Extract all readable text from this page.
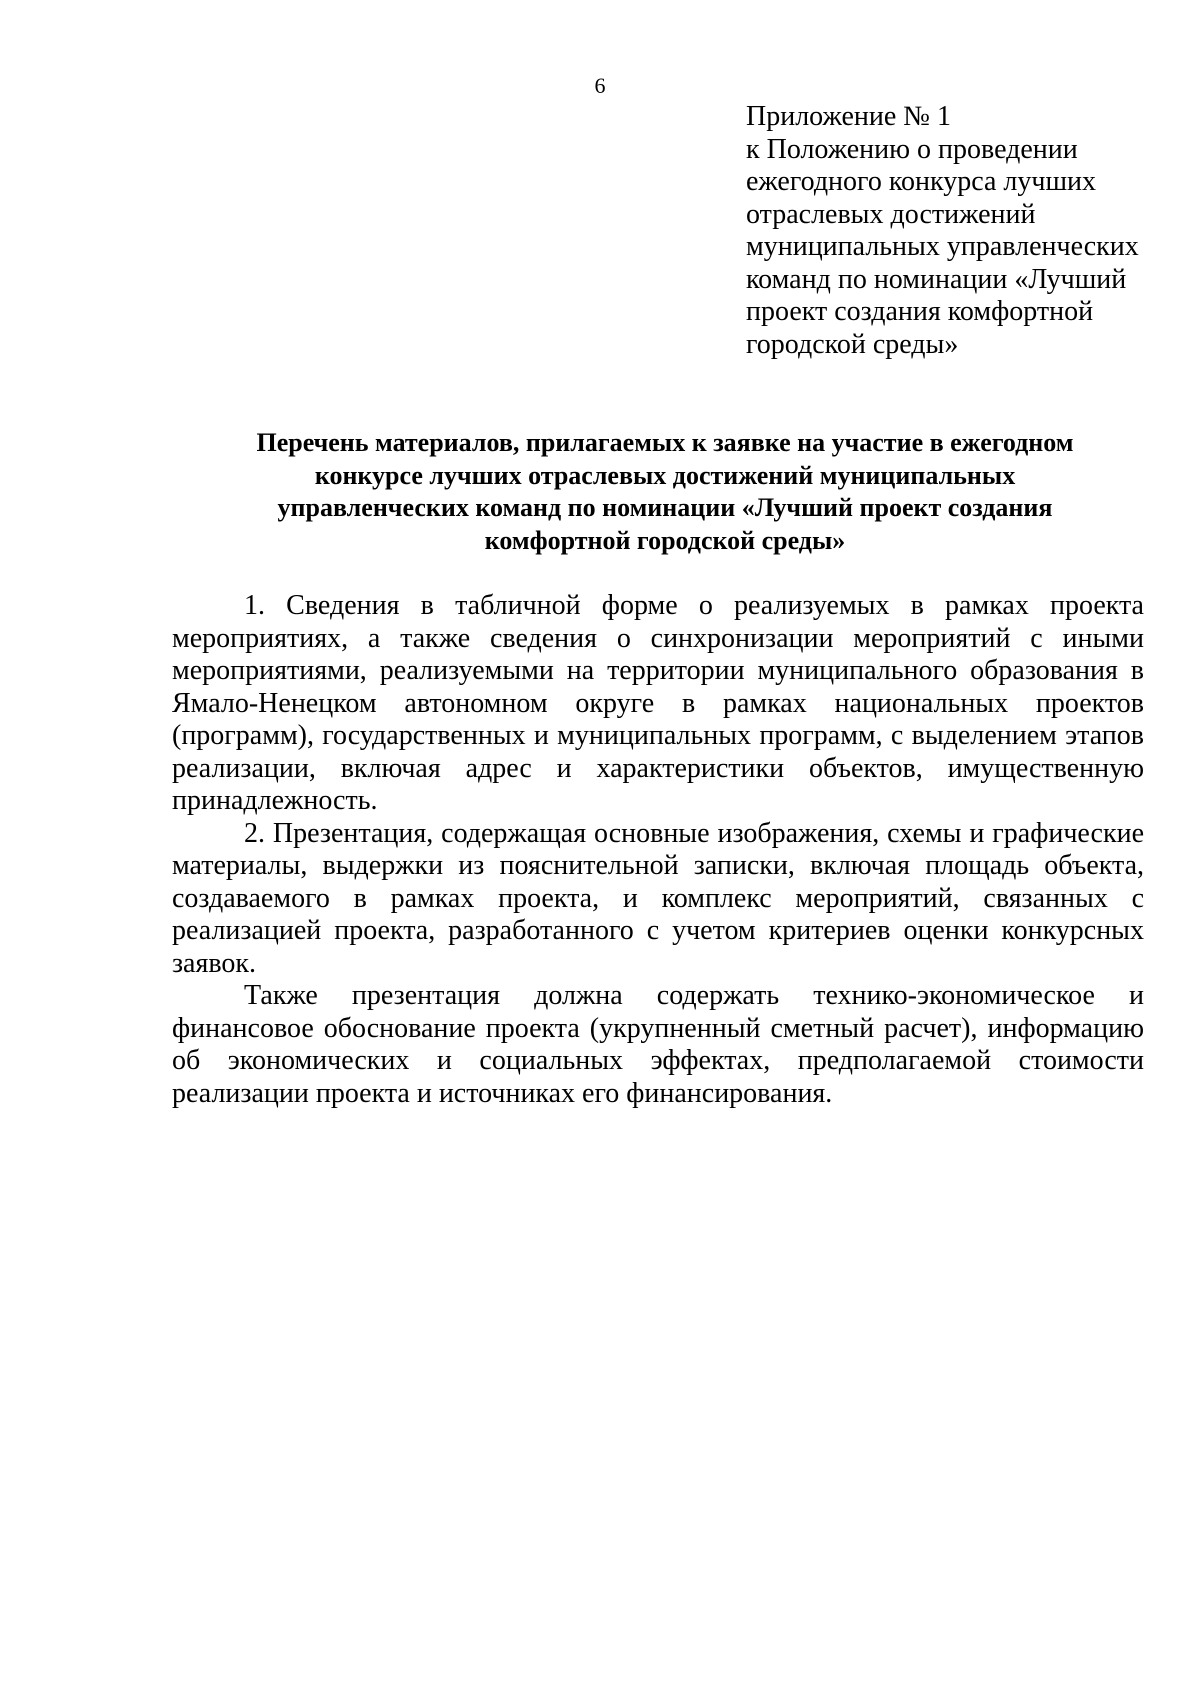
6
Приложение № 1
к Положению о проведении
ежегодного конкурса лучших
отраслевых достижений
муниципальных управленческих
команд по номинации «Лучший
проект создания комфортной
городской среды»
Перечень материалов, прилагаемых к заявке на участие в ежегодном
конкурсе лучших отраслевых достижений муниципальных
управленческих команд по номинации «Лучший проект создания
комфортной городской среды»

1. Сведения в табличной форме о реализуемых в рамках проекта мероприятиях, а также сведения о синхронизации мероприятий с иными мероприятиями, реализуемыми на территории муниципального образования в Ямало-Ненецком автономном округе в рамках национальных проектов (программ), государственных и муниципальных программ, с выделением этапов реализации, включая адрес и характеристики объектов, имущественную принадлежность.

2. Презентация, содержащая основные изображения, схемы и графические материалы, выдержки из пояснительной записки, включая площадь объекта, создаваемого в рамках проекта, и комплекс мероприятий, связанных с реализацией проекта, разработанного с учетом критериев оценки конкурсных заявок.

Также презентация должна содержать технико-экономическое и финансовое обоснование проекта (укрупненный сметный расчет), информацию об экономических и социальных эффектах, предполагаемой стоимости реализации проекта и источниках его финансирования.
